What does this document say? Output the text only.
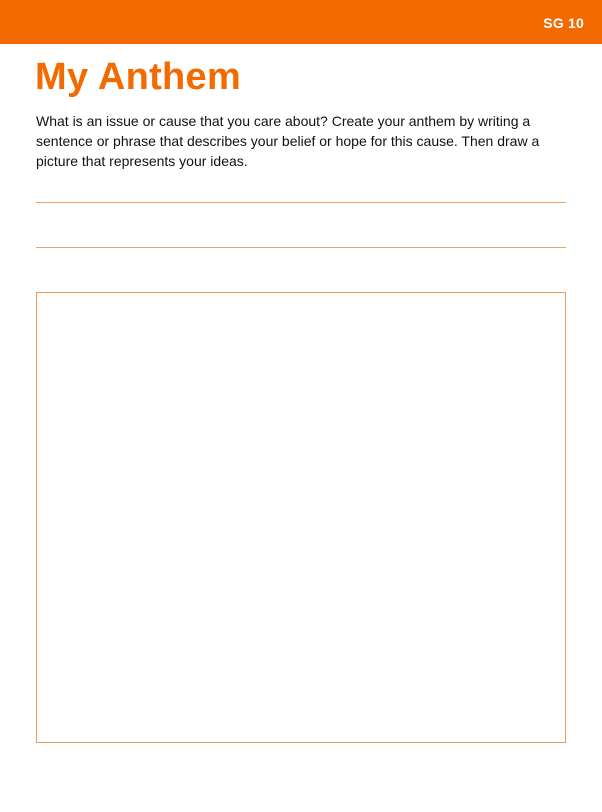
SG 10
My Anthem

What is an issue or cause that you care about? Create your anthem by writing a sentence or phrase that describes your belief or hope for this cause. Then draw a picture that represents your ideas.
